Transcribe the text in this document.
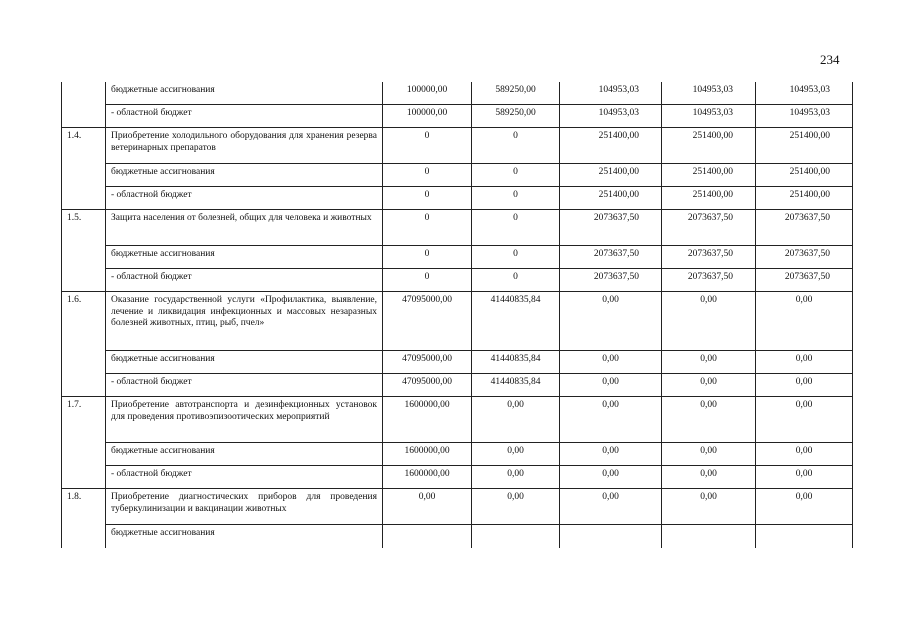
234
	бюджетные ассигнования	100000,00	589250,00	104953,03	104953,03	104953,03
	- областной бюджет	100000,00	589250,00	104953,03	104953,03	104953,03
1.4.	Приобретение холодильного оборудования для хранения резерва ветеринарных препаратов	0	0	251400,00	251400,00	251400,00
	бюджетные ассигнования	0	0	251400,00	251400,00	251400,00
	- областной бюджет	0	0	251400,00	251400,00	251400,00
1.5.	Защита населения от болезней, общих для человека и животных	0	0	2073637,50	2073637,50	2073637,50
	бюджетные ассигнования	0	0	2073637,50	2073637,50	2073637,50
	- областной бюджет	0	0	2073637,50	2073637,50	2073637,50
1.6.	Оказание государственной услуги «Профилактика, выявление, лечение и ликвидация инфекционных и массовых незаразных болезней животных, птиц, рыб, пчел»	47095000,00	41440835,84	0,00	0,00	0,00
	бюджетные ассигнования	47095000,00	41440835,84	0,00	0,00	0,00
	- областной бюджет	47095000,00	41440835,84	0,00	0,00	0,00
1.7.	Приобретение автотранспорта и дезинфекционных установок для проведения противоэпизоотических мероприятий	1600000,00	0,00	0,00	0,00	0,00
	бюджетные ассигнования	1600000,00	0,00	0,00	0,00	0,00
	- областной бюджет	1600000,00	0,00	0,00	0,00	0,00
1.8.	Приобретение диагностических приборов для проведения туберкулинизации и вакцинации животных	0,00	0,00	0,00	0,00	0,00
	бюджетные ассигнования					
